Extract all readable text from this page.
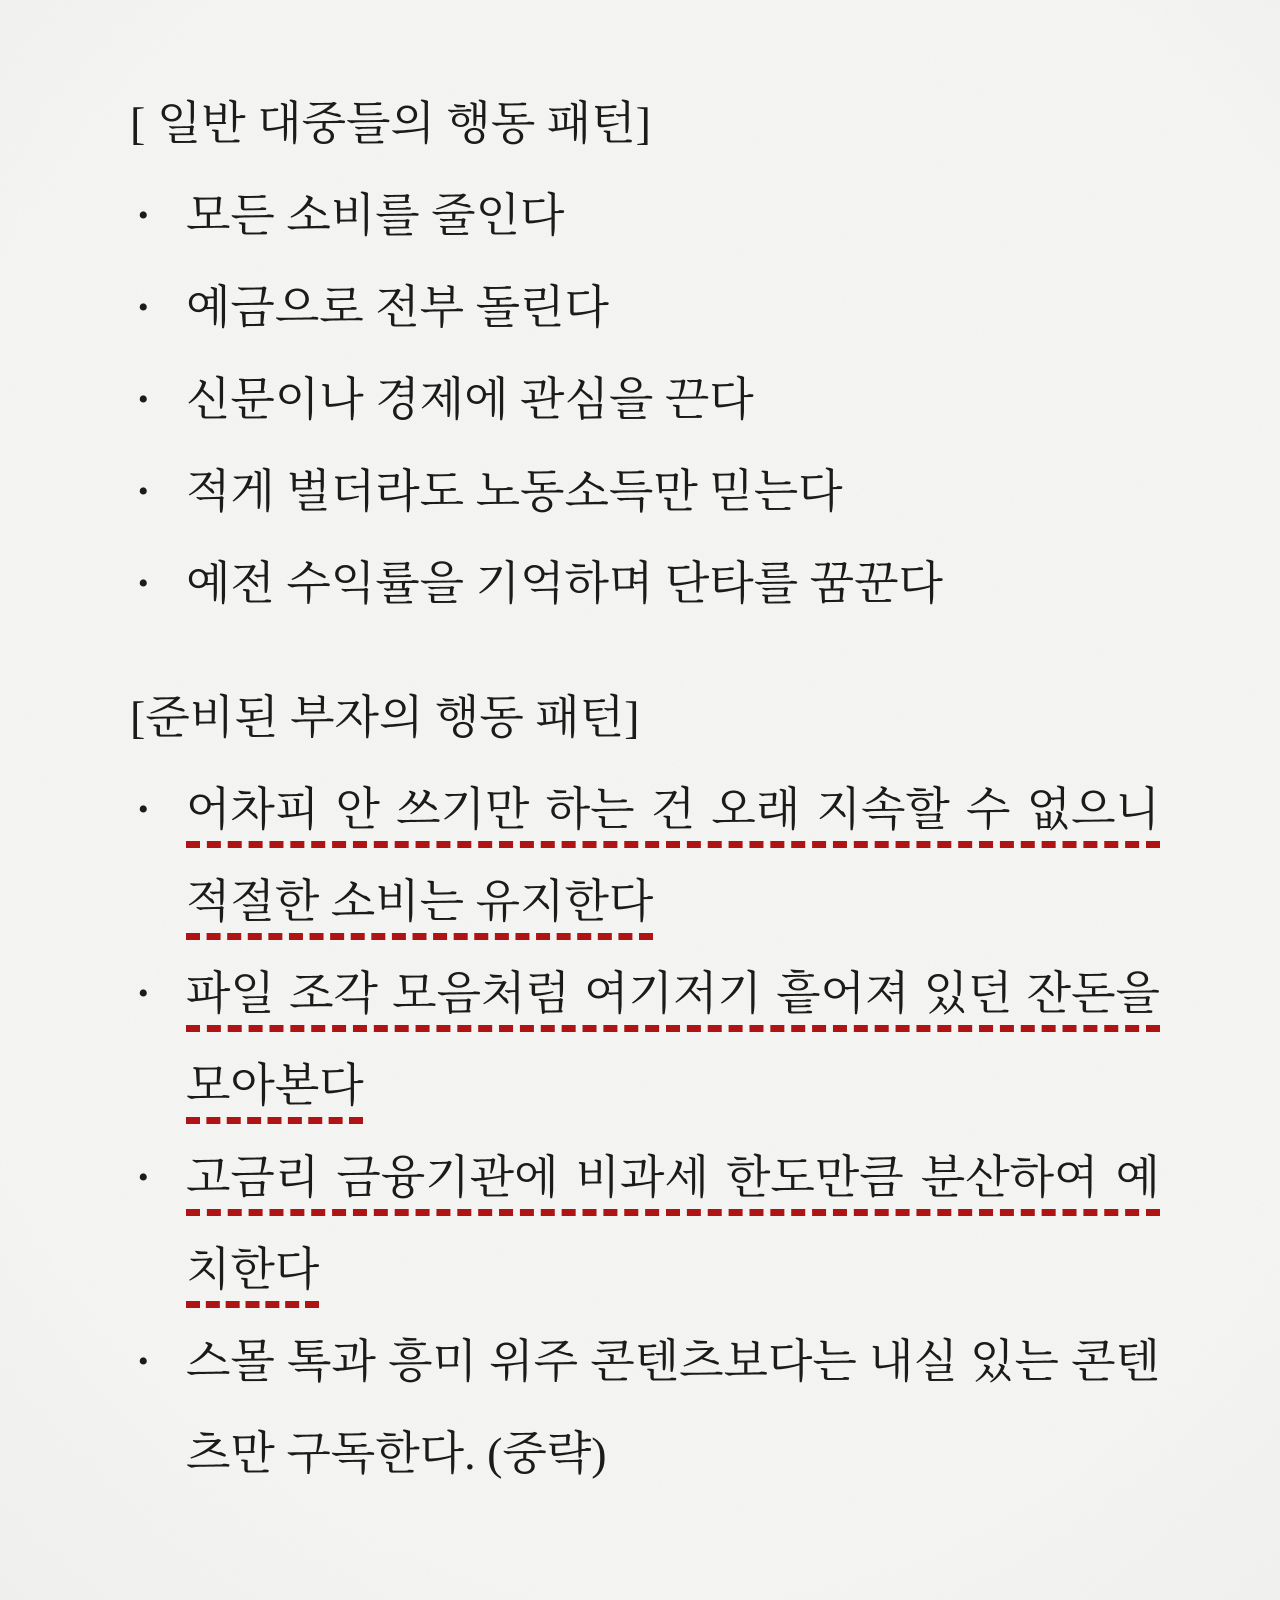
[ 일반 대중들의 행동 패턴]
• 모든 소비를 줄인다
• 예금으로 전부 돌린다
• 신문이나 경제에 관심을 끈다
• 적게 벌더라도 노동소득만 믿는다
• 예전 수익률을 기억하며 단타를 꿈꾼다
[준비된 부자의 행동 패턴]
• 어차피 안 쓰기만 하는 건 오래 지속할 수 없으니 적절한 소비는 유지한다
• 파일 조각 모음처럼 여기저기 흩어져 있던 잔돈을 모아본다
• 고금리 금융기관에 비과세 한도만큼 분산하여 예치한다
• 스몰 톡과 흥미 위주 콘텐츠보다는 내실 있는 콘텐츠만 구독한다. (중략)
